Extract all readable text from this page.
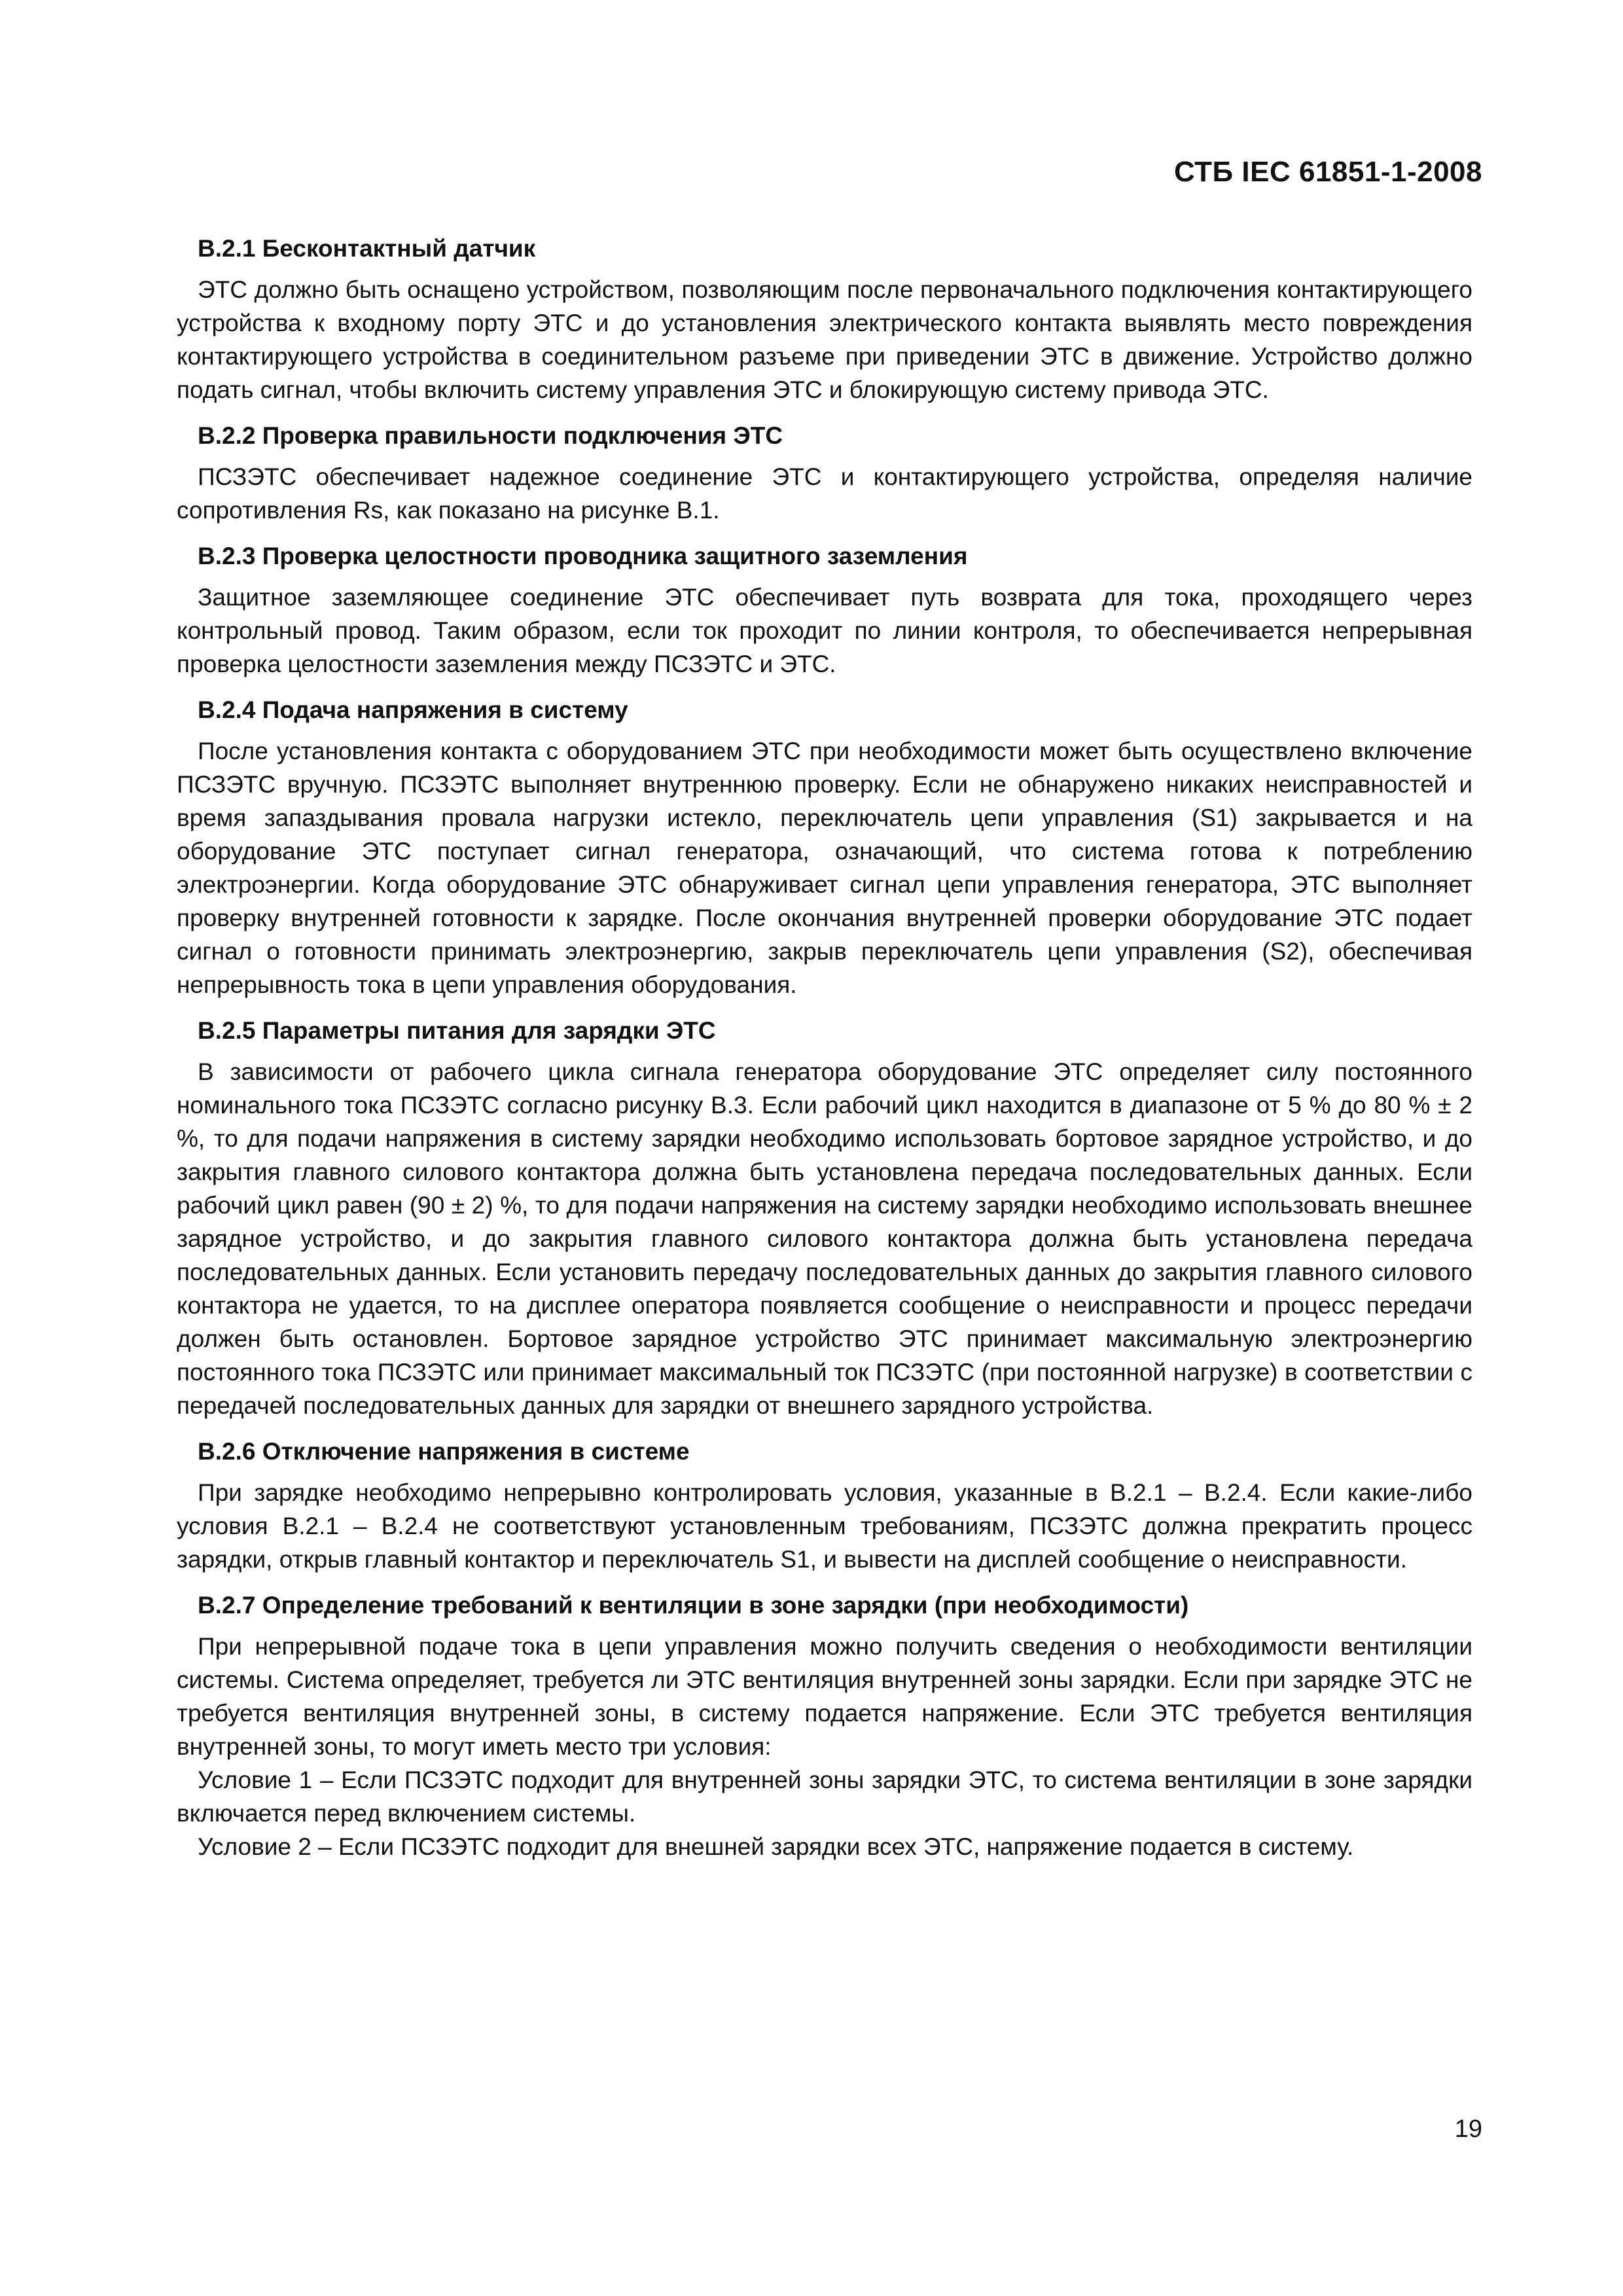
СТБ IEC 61851-1-2008

B.2.1 Бесконтактный датчик

ЭТС должно быть оснащено устройством, позволяющим после первоначального подключения контактирующего устройства к входному порту ЭТС и до установления электрического контакта выявлять место повреждения контактирующего устройства в соединительном разъеме при приведении ЭТС в движение. Устройство должно подать сигнал, чтобы включить систему управления ЭТС и блокирующую систему привода ЭТС.

B.2.2 Проверка правильности подключения ЭТС

ПСЗЭТС обеспечивает надежное соединение ЭТС и контактирующего устройства, определяя наличие сопротивления Rs, как показано на рисунке B.1.

B.2.3 Проверка целостности проводника защитного заземления

Защитное заземляющее соединение ЭТС обеспечивает путь возврата для тока, проходящего через контрольный провод. Таким образом, если ток проходит по линии контроля, то обеспечивается непрерывная проверка целостности заземления между ПСЗЭТС и ЭТС.

B.2.4 Подача напряжения в систему

После установления контакта с оборудованием ЭТС при необходимости может быть осуществлено включение ПСЗЭТС вручную. ПСЗЭТС выполняет внутреннюю проверку. Если не обнаружено никаких неисправностей и время запаздывания провала нагрузки истекло, переключатель цепи управления (S1) закрывается и на оборудование ЭТС поступает сигнал генератора, означающий, что система готова к потреблению электроэнергии. Когда оборудование ЭТС обнаруживает сигнал цепи управления генератора, ЭТС выполняет проверку внутренней готовности к зарядке. После окончания внутренней проверки оборудование ЭТС подает сигнал о готовности принимать электроэнергию, закрыв переключатель цепи управления (S2), обеспечивая непрерывность тока в цепи управления оборудования.

B.2.5 Параметры питания для зарядки ЭТС

В зависимости от рабочего цикла сигнала генератора оборудование ЭТС определяет силу постоянного номинального тока ПСЗЭТС согласно рисунку B.3. Если рабочий цикл находится в диапазоне от 5 % до 80 % ± 2 %, то для подачи напряжения в систему зарядки необходимо использовать бортовое зарядное устройство, и до закрытия главного силового контактора должна быть установлена передача последовательных данных. Если рабочий цикл равен (90 ± 2) %, то для подачи напряжения на систему зарядки необходимо использовать внешнее зарядное устройство, и до закрытия главного силового контактора должна быть установлена передача последовательных данных. Если установить передачу последовательных данных до закрытия главного силового контактора не удается, то на дисплее оператора появляется сообщение о неисправности и процесс передачи должен быть остановлен. Бортовое зарядное устройство ЭТС принимает максимальную электроэнергию постоянного тока ПСЗЭТС или принимает максимальный ток ПСЗЭТС (при постоянной нагрузке) в соответствии с передачей последовательных данных для зарядки от внешнего зарядного устройства.

B.2.6 Отключение напряжения в системе

При зарядке необходимо непрерывно контролировать условия, указанные в B.2.1 – B.2.4. Если какие-либо условия B.2.1 – B.2.4 не соответствуют установленным требованиям, ПСЗЭТС должна прекратить процесс зарядки, открыв главный контактор и переключатель S1, и вывести на дисплей сообщение о неисправности.

B.2.7 Определение требований к вентиляции в зоне зарядки (при необходимости)

При непрерывной подаче тока в цепи управления можно получить сведения о необходимости вентиляции системы. Система определяет, требуется ли ЭТС вентиляция внутренней зоны зарядки. Если при зарядке ЭТС не требуется вентиляция внутренней зоны, в систему подается напряжение. Если ЭТС требуется вентиляция внутренней зоны, то могут иметь место три условия:

Условие 1 – Если ПСЗЭТС подходит для внутренней зоны зарядки ЭТС, то система вентиляции в зоне зарядки включается перед включением системы.

Условие 2 – Если ПСЗЭТС подходит для внешней зарядки всех ЭТС, напряжение подается в систему.

19
